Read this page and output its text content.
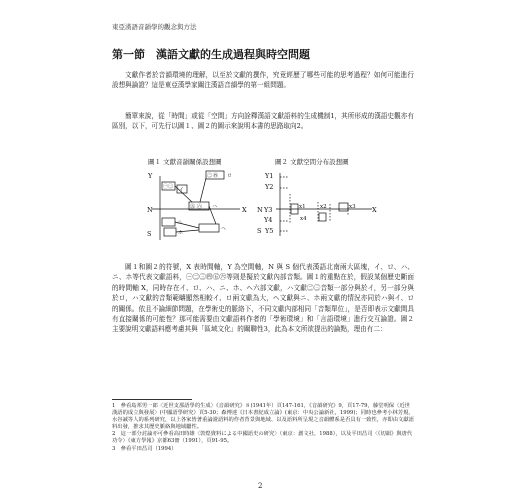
東亞漢語音韻學的觀念與方法
第一節　漢語文獻的生成過程與時空問題

文獻作者於音韻環境的理解，以至於文獻的撰作，究竟經歷了哪些可能的思考過程？如何可能進行設想與論證？這是東亞漢學家關注漢語音韻學的第一組問題。

簡單來說，從「時間」或從「空間」方向詮釋漢語文獻語料的生成機制1，其所形成的漢語史觀亦有區別，以下，可先行以圖１、圖２的圖示來說明本書的思路取向2。

圖１ 文獻音韻關係設想圖	圖２ 文獻空間分布設想圖
Y
N
S
X
㊀ ㊁ イ
㊂ ㊃ ロ
㊄ ㊅ ハ
ニ
ホ
ヘ
Y1
Y2
Y3
Y4
Y5
N
S
X
x1	x2	x3
x4

圖１和圖２的符號，X 表時間軸，Y 為空間軸，N 與 S 個代表漢語北南兩大區塊，イ、ロ、ハ、ニ、ホ等代表文獻語料，㊀㊁㊂㊃㊄㊅等則是擬於文獻內部音類。圖１的重點在於，假設某個歷史斷面的時間軸 X，同時存在イ、ロ、ハ、ニ、ホ、ヘ六部文獻，ハ文獻㊁㊂音類一部分與於イ，另一部分與於ロ，ハ文獻的音類範疇顯然相較イ、ロ兩文獻為大，ヘ文獻與ニ、ホ兩文獻的情況亦同於ハ與イ、ロ的關係。依且不論細節問題，在學術史的脈絡下，不同文獻內部相同「音類單位」，是否即表示文獻間具有直接關係的可能性？那可能需要由文獻語料作者的「學術環境」和「言語環境」進行交互論證。圖２主要說明文獻語料應考慮其與「區域文化」的關聯性3，此為本文所欲提出的論點，理由有二：

1　參看島邦男一郎〈近世支那語學的生成〉《音韻研究》８(1941年）頁147-161，《音韻研究》9，頁17-79，藤堂明保〈近世漢語的成立與發展〉(中國語學研究）頁5-30；森博達《日本書紀成立論》(東京：中央公論新社，1999)；同時也參考小林芳規、水谷誠等人的系列研究，以上各家皆著重論證語料的作者背景與地域、以及語料所呈現之音韻體系是否具有一致性，亦即由文獻語料出發，推求其歷史脈絡與地域屬性。

2　這一部分討論亦可參看高田時雄〈敦煌資料による中國語史の研究〉（東京：創文社，1988），以及平田昌司〈《切韻》與唐代功令〉《東方學報》京都63冊（1991），頁91-95。

3　參看平田昌司（1994）

2
